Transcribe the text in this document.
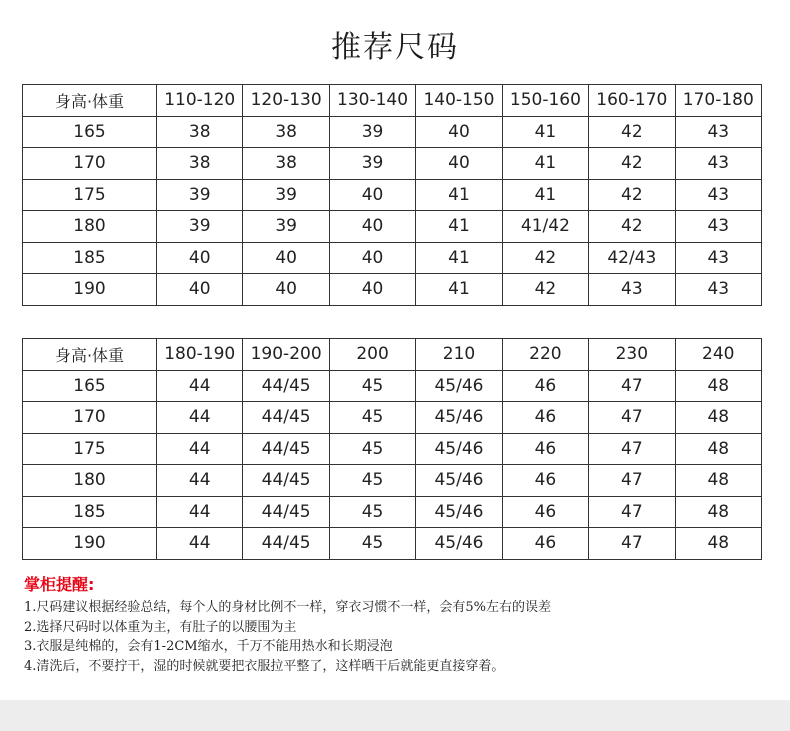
推荐尺码
身高·体重	110-120	120-130	130-140	140-150	150-160	160-170	170-180
165	38	38	39	40	41	42	43
170	38	38	39	40	41	42	43
175	39	39	40	41	41	42	43
180	39	39	40	41	41/42	42	43
185	40	40	40	41	42	42/43	43
190	40	40	40	41	42	43	43
身高·体重	180-190	190-200	200	210	220	230	240
165	44	44/45	45	45/46	46	47	48
170	44	44/45	45	45/46	46	47	48
175	44	44/45	45	45/46	46	47	48
180	44	44/45	45	45/46	46	47	48
185	44	44/45	45	45/46	46	47	48
190	44	44/45	45	45/46	46	47	48
掌柜提醒:
1.尺码建议根据经验总结，每个人的身材比例不一样，穿衣习惯不一样，会有5%左右的误差
2.选择尺码时以体重为主，有肚子的以腰围为主
3.衣服是纯棉的，会有1-2CM缩水，千万不能用热水和长期浸泡
4.清洗后，不要拧干，湿的时候就要把衣服拉平整了，这样晒干后就能更直接穿着。
